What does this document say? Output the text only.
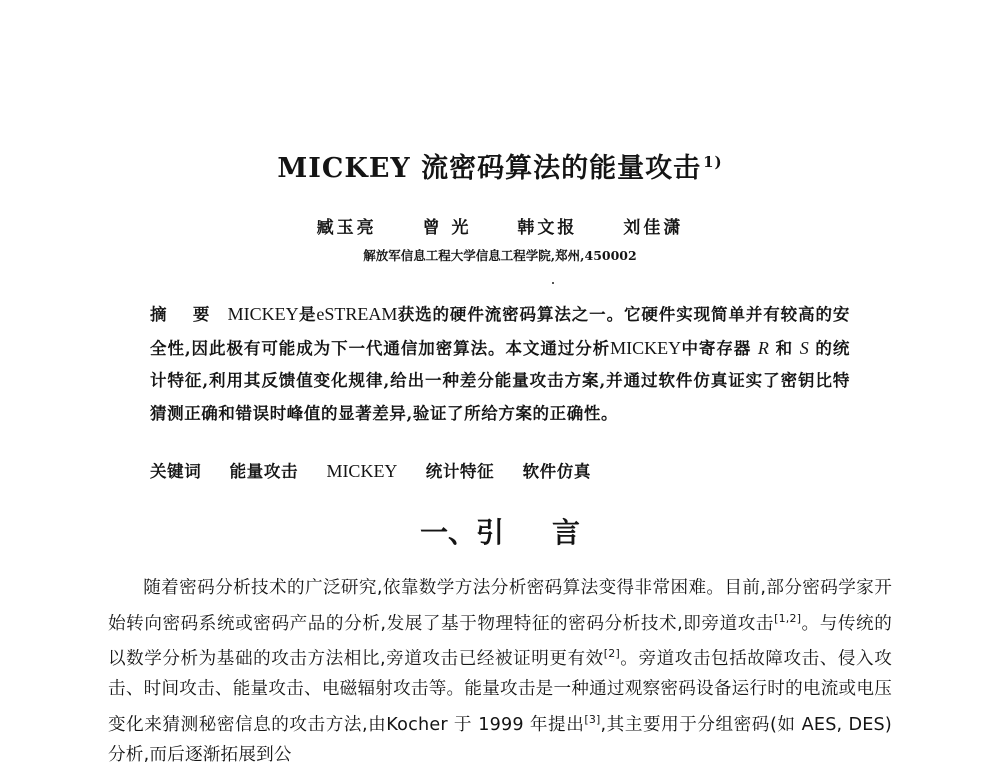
MICKEY 流密码算法的能量攻击 $^{1)}$
臧玉亮	曾 光	韩文报	刘佳潇
解放军信息工程大学信息工程学院,郑州,450002
摘 要 MICKEY是eSTREAM获选的硬件流密码算法之一。它硬件实现简单并有较高的安全性,因此极有可能成为下一代通信加密算法。本文通过分析MICKEY中寄存器 R 和 S 的统计特征,利用其反馈值变化规律,给出一种差分能量攻击方案,并通过软件仿真证实了密钥比特猜测正确和错误时峰值的显著差异,验证了所给方案的正确性。
关键词 能量攻击 MICKEY 统计特征 软件仿真
一、引言

随着密码分析技术的广泛研究,依靠数学方法分析密码算法变得非常困难。目前,部分密码学家开始转向密码系统或密码产品的分析,发展了基于物理特征的密码分析技术,即旁道攻击[1,2]。与传统的以数学分析为基础的攻击方法相比,旁道攻击已经被证明更有效[2]。旁道攻击包括故障攻击、侵入攻击、时间攻击、能量攻击、电磁辐射攻击等。能量攻击是一种通过观察密码设备运行时的电流或电压变化来猜测秘密信息的攻击方法,由Kocher 于 1999 年提出[3],其主要用于分组密码(如 AES, DES)分析,而后逐渐拓展到公
